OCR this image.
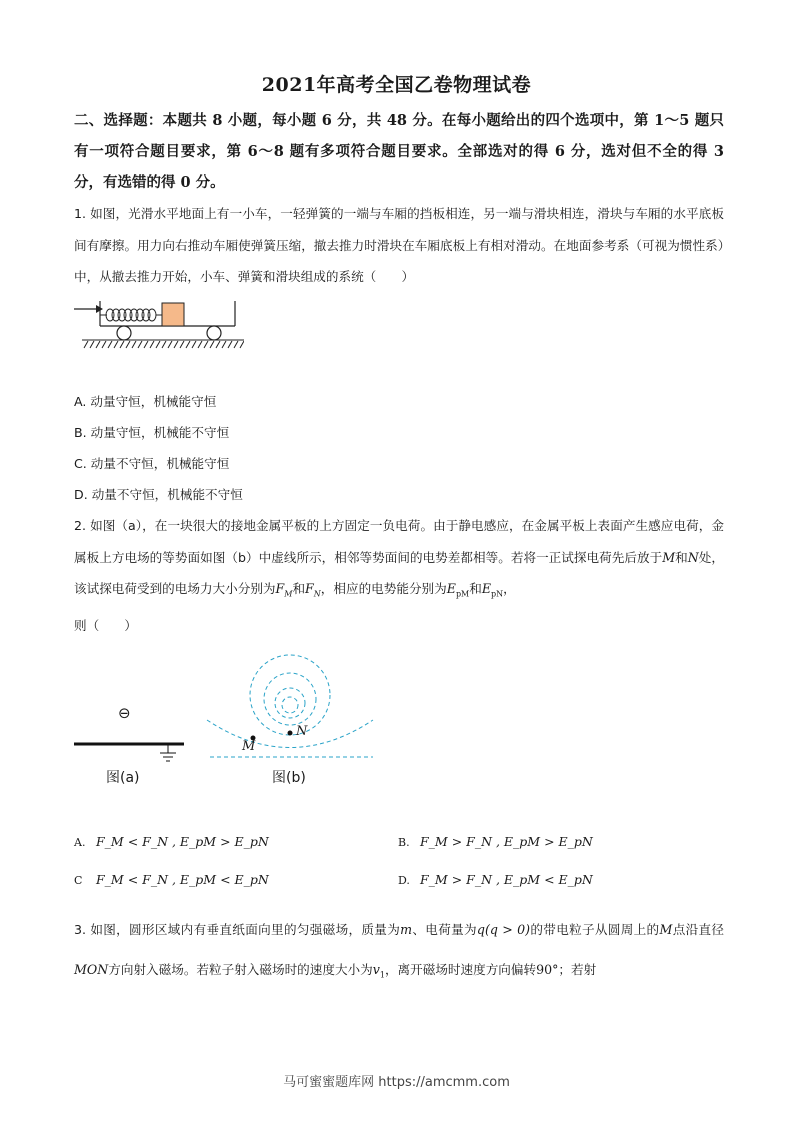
2021年高考全国乙卷物理试卷
二、选择题：本题共 8 小题，每小题 6 分，共 48 分。在每小题给出的四个选项中，第 1～5 题只有一项符合题目要求，第 6～8 题有多项符合题目要求。全部选对的得 6 分，选对但不全的得 3 分，有选错的得 0 分。
1. 如图，光滑水平地面上有一小车，一轻弹簧的一端与车厢的挡板相连，另一端与滑块相连，滑块与车厢的水平底板间有摩擦。用力向右推动车厢使弹簧压缩，撤去推力时滑块在车厢底板上有相对滑动。在地面参考系（可视为惯性系）中，从撤去推力开始，小车、弹簧和滑块组成的系统（　　）
A. 动量守恒，机械能守恒
B. 动量守恒，机械能不守恒
C. 动量不守恒，机械能守恒
D. 动量不守恒，机械能不守恒
2. 如图（a），在一块很大的接地金属平板的上方固定一负电荷。由于静电感应，在金属平板上表面产生感应电荷，金属板上方电场的等势面如图（b）中虚线所示，相邻等势面间的电势差都相等。若将一正试探电荷先后放于M和N处，该试探电荷受到的电场力大小分别为$F_M$和$F_N$，相应的电势能分别为$E_{pM}$和$E_{pN}$，
则（　　）
⊖
图(a)
M
N
图(b)
A. F_M < F_N , E_pM > E_pN	B. F_M > F_N , E_pM > E_pN
C F_M < F_N , E_pM < E_pN	D. F_M > F_N , E_pM < E_pN
3. 如图，圆形区域内有垂直纸面向里的匀强磁场，质量为m、电荷量为q(q > 0)的带电粒子从圆周上的M点沿直径MON方向射入磁场。若粒子射入磁场时的速度大小为$v_1$，离开磁场时速度方向偏转90°；若射
马可蜜蜜题库网 https://amcmm.com
